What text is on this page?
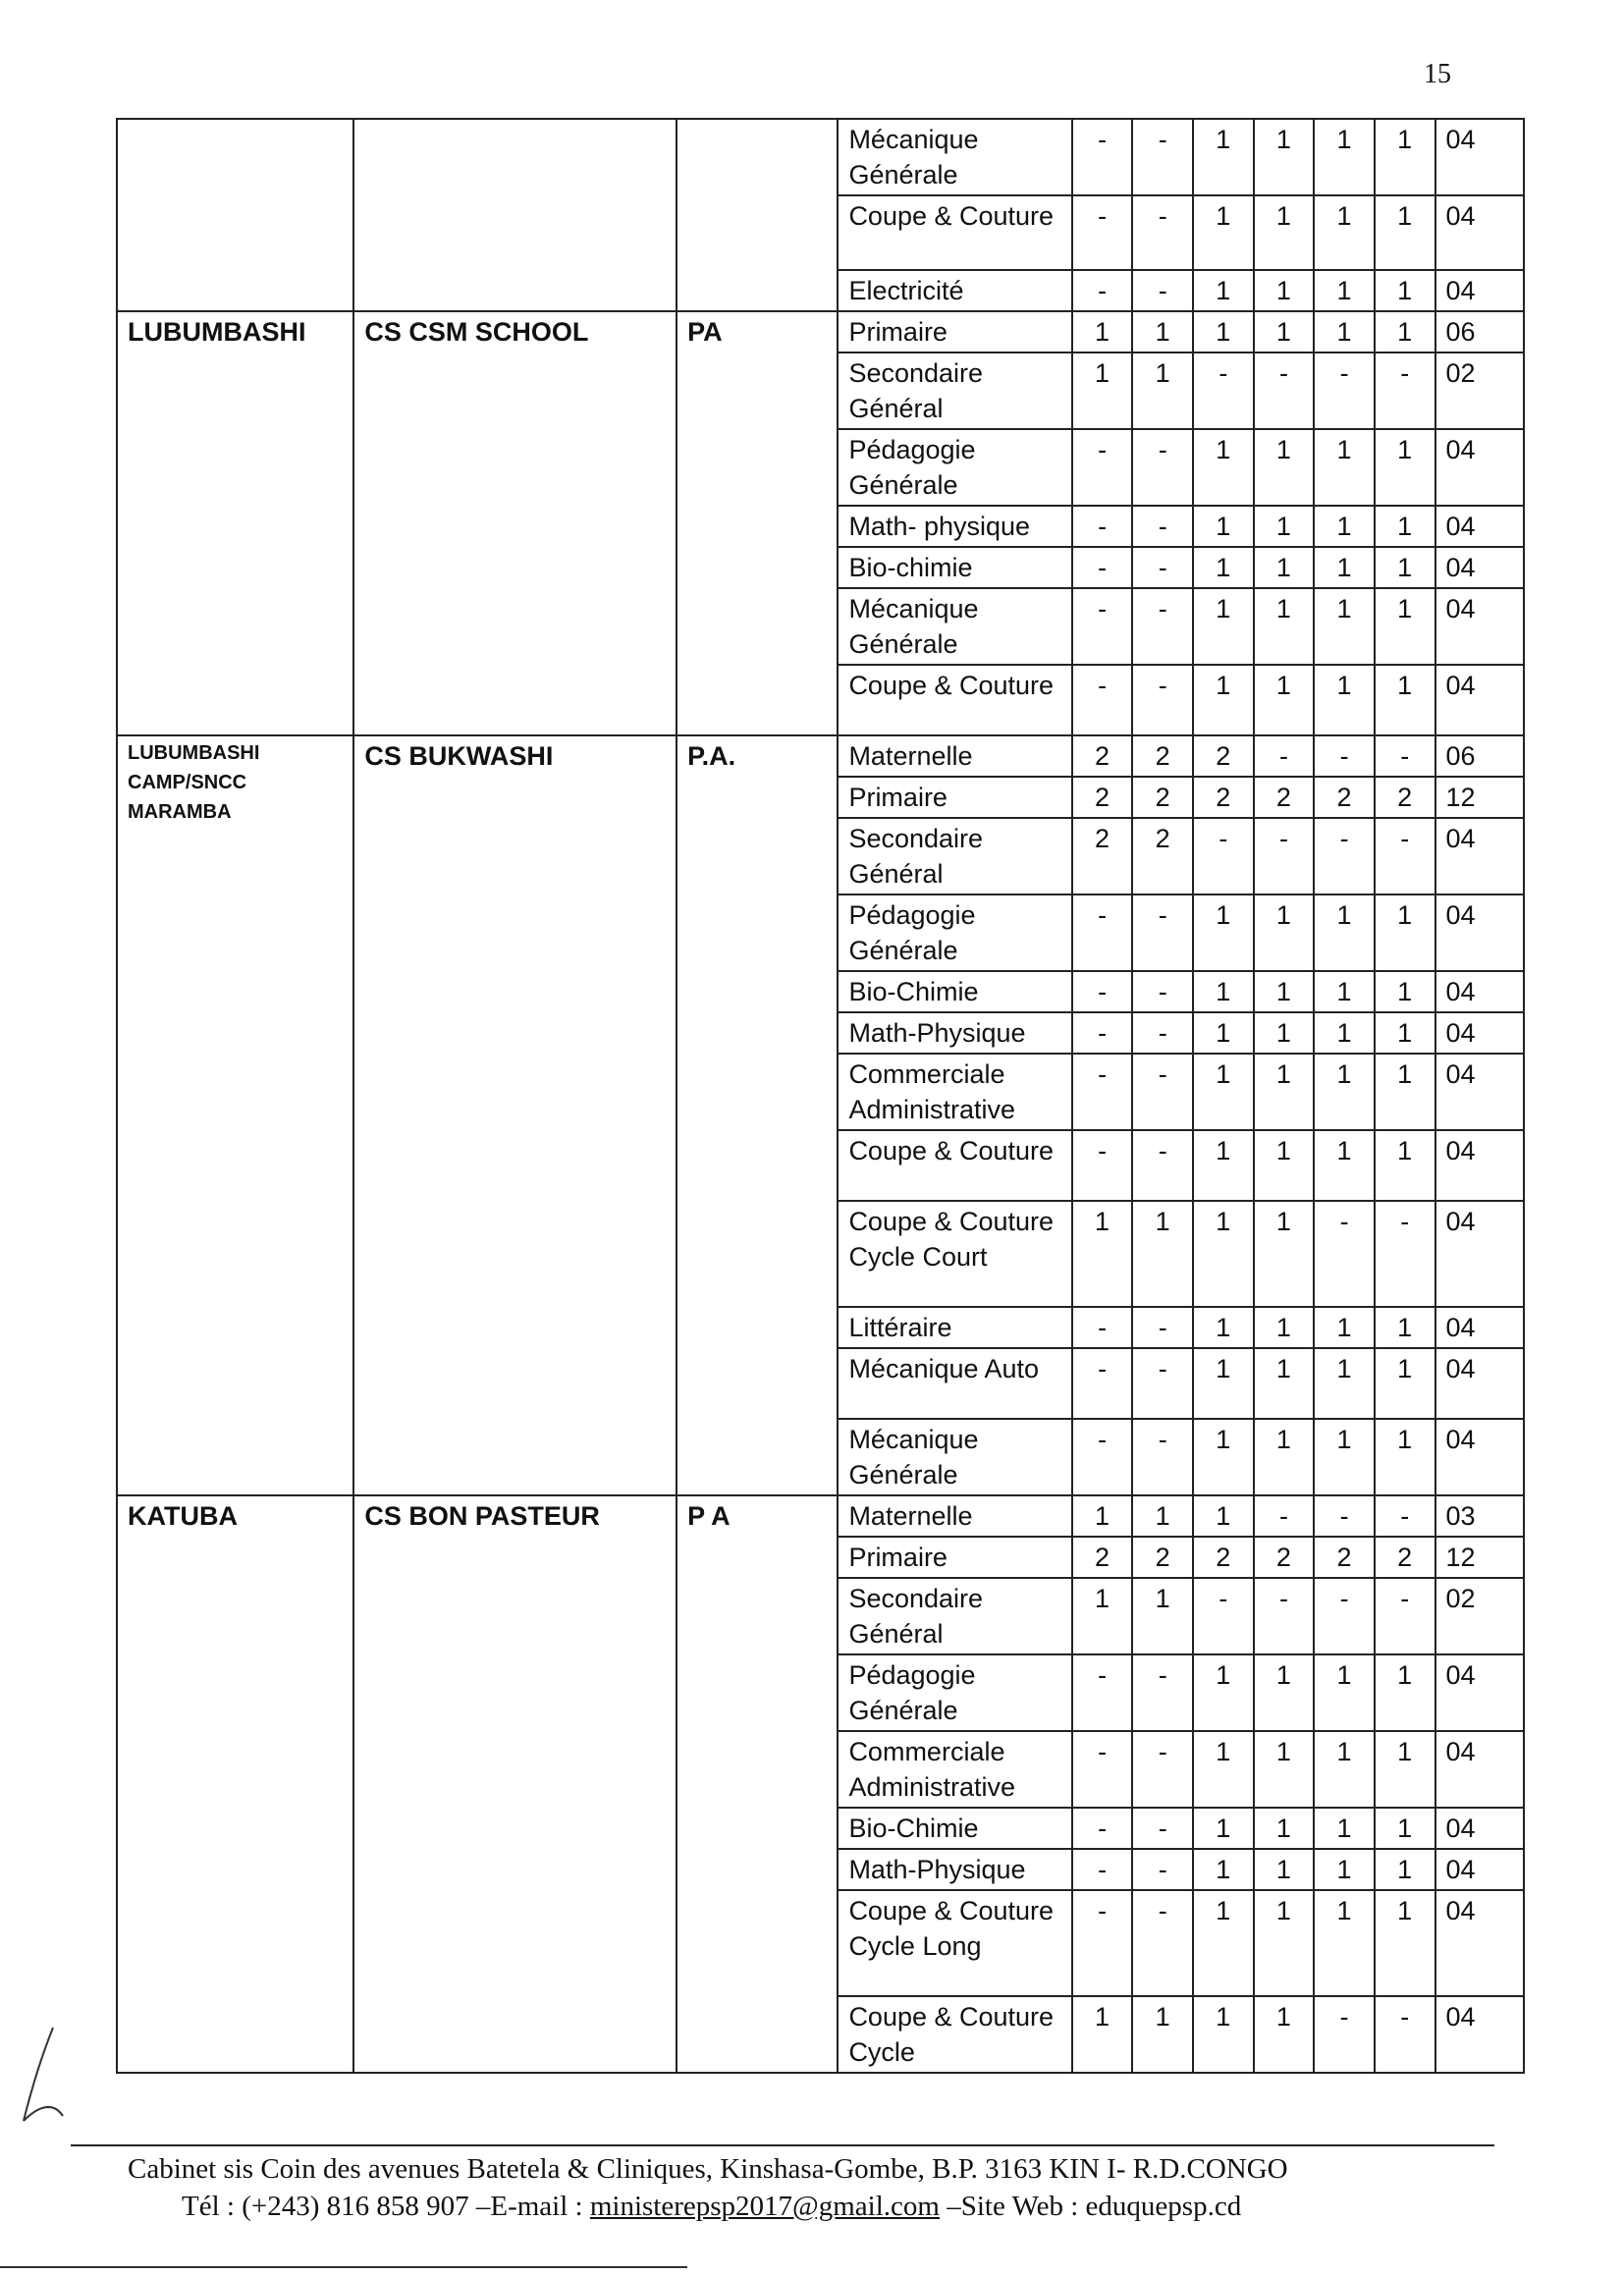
15
			Mécanique Générale	-	-	1	1	1	1	04
			Coupe & Couture	-	-	1	1	1	1	04
			Electricité	-	-	1	1	1	1	04
LUBUMBASHI	CS CSM SCHOOL	PA	Primaire	1	1	1	1	1	1	06
			Secondaire Général	1	1	-	-	-	-	02
			Pédagogie Générale	-	-	1	1	1	1	04
			Math- physique	-	-	1	1	1	1	04
			Bio-chimie	-	-	1	1	1	1	04
			Mécanique Générale	-	-	1	1	1	1	04
			Coupe & Couture	-	-	1	1	1	1	04
LUBUMBASHI CAMP/SNCC MARAMBA	CS BUKWASHI	P.A.	Maternelle	2	2	2	-	-	-	06
			Primaire	2	2	2	2	2	2	12
			Secondaire Général	2	2	-	-	-	-	04
			Pédagogie Générale	-	-	1	1	1	1	04
			Bio-Chimie	-	-	1	1	1	1	04
			Math-Physique	-	-	1	1	1	1	04
			Commerciale Administrative	-	-	1	1	1	1	04
			Coupe & Couture	-	-	1	1	1	1	04
			Coupe & Couture Cycle Court	1	1	1	1	-	-	04
			Littéraire	-	-	1	1	1	1	04
			Mécanique Auto	-	-	1	1	1	1	04
			Mécanique Générale	-	-	1	1	1	1	04
KATUBA	CS BON PASTEUR	P A	Maternelle	1	1	1	-	-	-	03
			Primaire	2	2	2	2	2	2	12
			Secondaire Général	1	1	-	-	-	-	02
			Pédagogie Générale	-	-	1	1	1	1	04
			Commerciale Administrative	-	-	1	1	1	1	04
			Bio-Chimie	-	-	1	1	1	1	04
			Math-Physique	-	-	1	1	1	1	04
			Coupe & Couture Cycle Long	-	-	1	1	1	1	04
			Coupe & Couture Cycle	1	1	1	1	-	-	04
Cabinet sis Coin des avenues Batetela & Cliniques, Kinshasa-Gombe, B.P. 3163 KIN I- R.D.CONGO
Tél : (+243) 816 858 907 –E-mail : ministerepsp2017@gmail.com –Site Web : eduquepsp.cd
